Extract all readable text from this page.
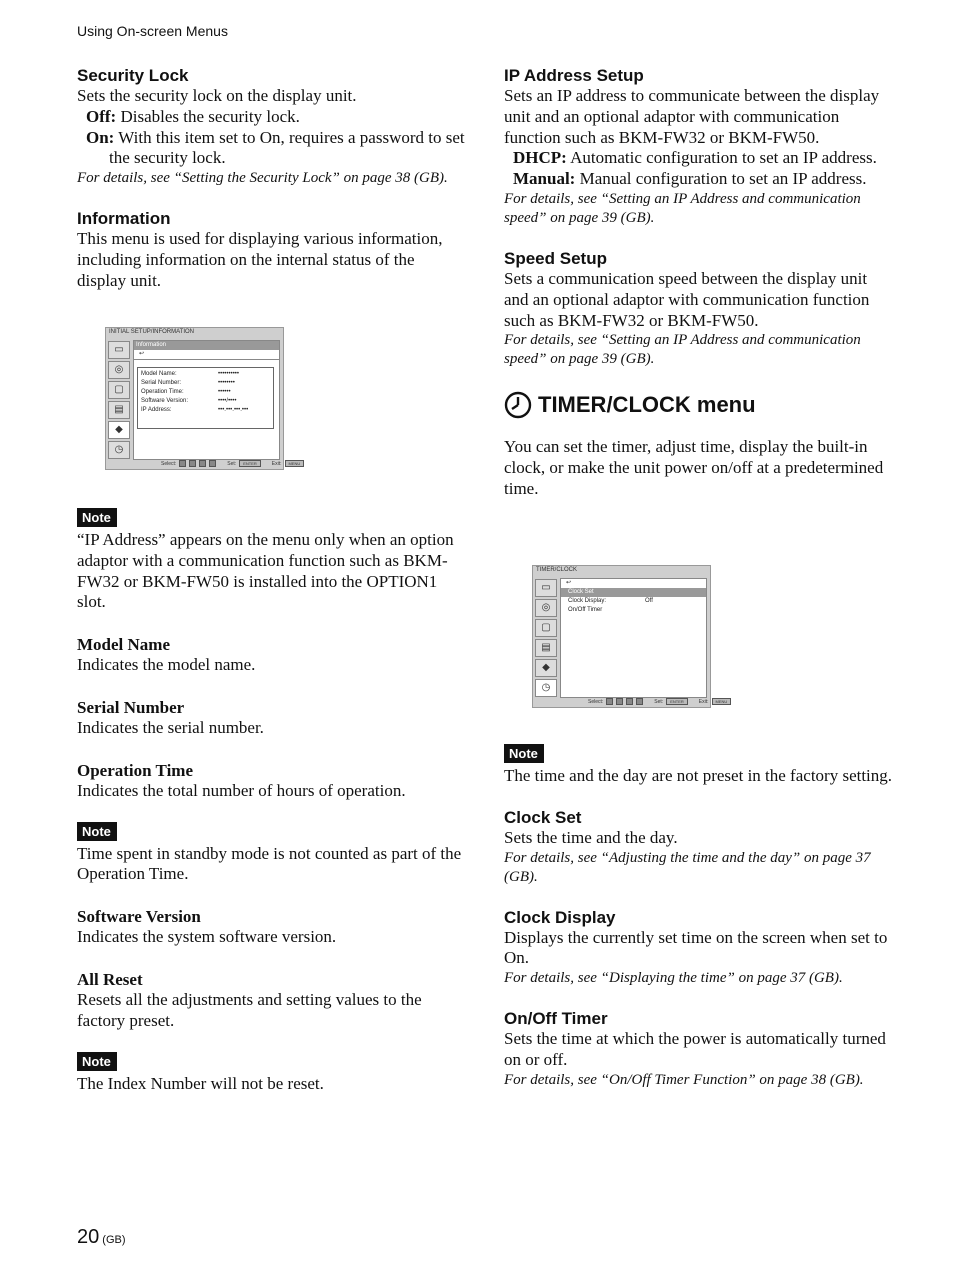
Using On-screen Menus

Security Lock

Sets the security lock on the display unit.

Off: Disables the security lock.

On: With this item set to On, requires a password to set the security lock.

For details, see “Setting the Security Lock” on page 38 (GB).

Information

This menu is used for displaying various information, including information on the internal status of the display unit.

INITIAL SETUP/INFORMATION
▭
◎
▢
▤
◆
◷
Information
↩
Model Name:	••••••••••
Serial Number:	••••••••
Operation Time:	••••••
Software Version:	••••/••••
IP Address:	•••.•••.•••.•••
Select:	Set:	ENTER	Exit:	MENU
Note

“IP Address” appears on the menu only when an option adaptor with a communication function such as BKM-FW32 or BKM-FW50 is installed into the OPTION1 slot.

Model Name

Indicates the model name.

Serial Number

Indicates the serial number.

Operation Time

Indicates the total number of hours of operation.

Note

Time spent in standby mode is not counted as part of the Operation Time.

Software Version

Indicates the system software version.

All Reset

Resets all the adjustments and setting values to the factory preset.

Note

The Index Number will not be reset.

IP Address Setup

Sets an IP address to communicate between the display unit and an optional adaptor with communication function such as BKM-FW32 or BKM-FW50.

DHCP: Automatic configuration to set an IP address.

Manual: Manual configuration to set an IP address.

For details, see “Setting an IP Address and communication speed” on page 39 (GB).

Speed Setup

Sets a communication speed between the display unit and an optional adaptor with communication function such as BKM-FW32 or BKM-FW50.

For details, see “Setting an IP Address and communication speed” on page 39 (GB).

TIMER/CLOCK menu

You can set the timer, adjust time, display the built-in clock, or make the unit power on/off at a predetermined time.

TIMER/CLOCK
▭
◎
▢
▤
◆
◷
↩
Clock Set
Clock Display:	Off
On/Off Timer
Select:	Set:	ENTER	Exit:	MENU
Note

The time and the day are not preset in the factory setting.

Clock Set

Sets the time and the day.

For details, see “Adjusting the time and the day” on page 37 (GB).

Clock Display

Displays the currently set time on the screen when set to On.

For details, see “Displaying the time” on page 37 (GB).

On/Off Timer

Sets the time at which the power is automatically turned on or off.

For details, see “On/Off Timer Function” on page 38 (GB).

20 (GB)
